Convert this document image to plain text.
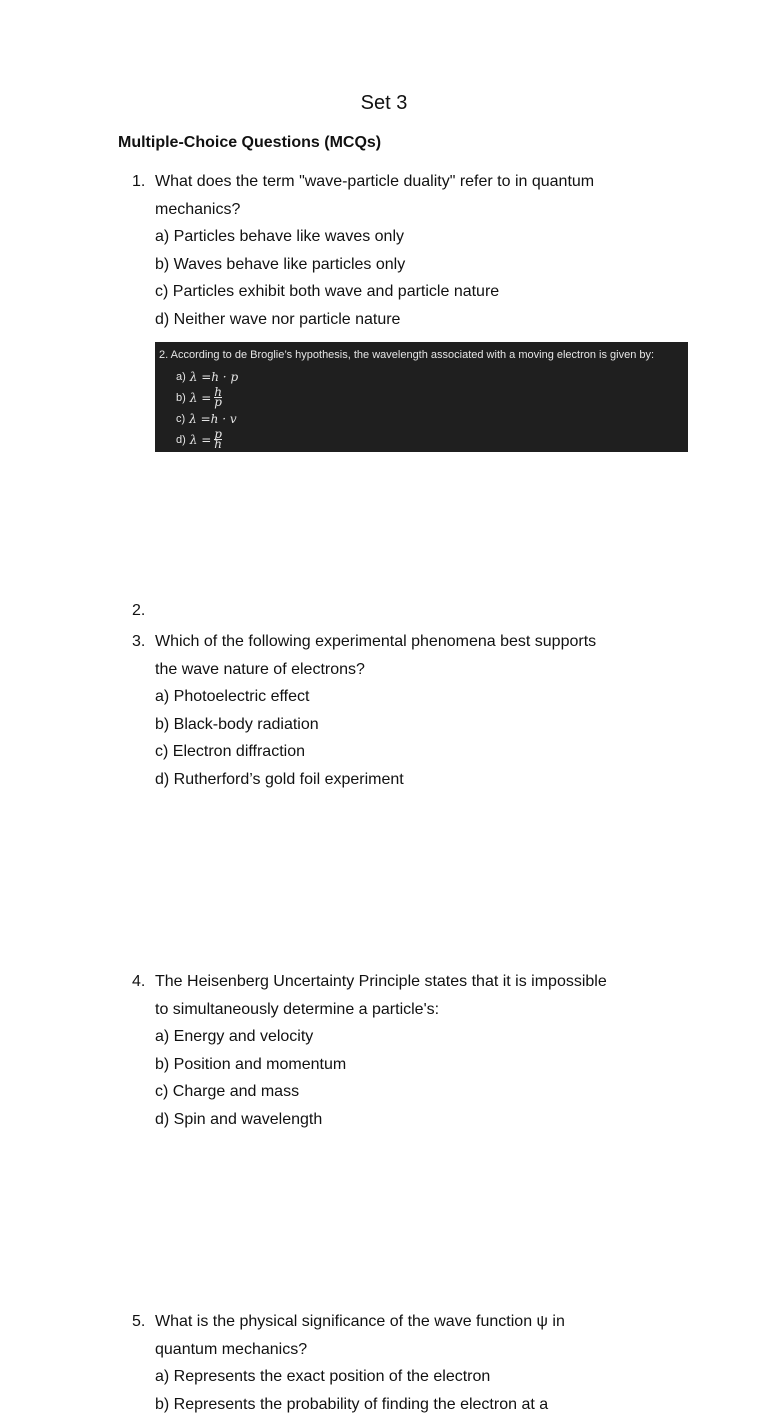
Set 3
Multiple-Choice Questions (MCQs)
1. What does the term "wave-particle duality" refer to in quantum
mechanics?
a) Particles behave like waves only
b) Waves behave like particles only
c) Particles exhibit both wave and particle nature
d) Neither wave nor particle nature
2. According to de Broglie’s hypothesis, the wavelength associated with a moving electron is given by:
a) λ = h · p
b) $\lambda = \frac{h}{p}$
c) λ = h · v
d) $\lambda = \frac{p}{h}$
2.
3. Which of the following experimental phenomena best supports
the wave nature of electrons?
a) Photoelectric effect
b) Black-body radiation
c) Electron diffraction
d) Rutherford’s gold foil experiment
4. The Heisenberg Uncertainty Principle states that it is impossible
to simultaneously determine a particle's:
a) Energy and velocity
b) Position and momentum
c) Charge and mass
d) Spin and wavelength
5. What is the physical significance of the wave function ψ in
quantum mechanics?
a) Represents the exact position of the electron
b) Represents the probability of finding the electron at a
